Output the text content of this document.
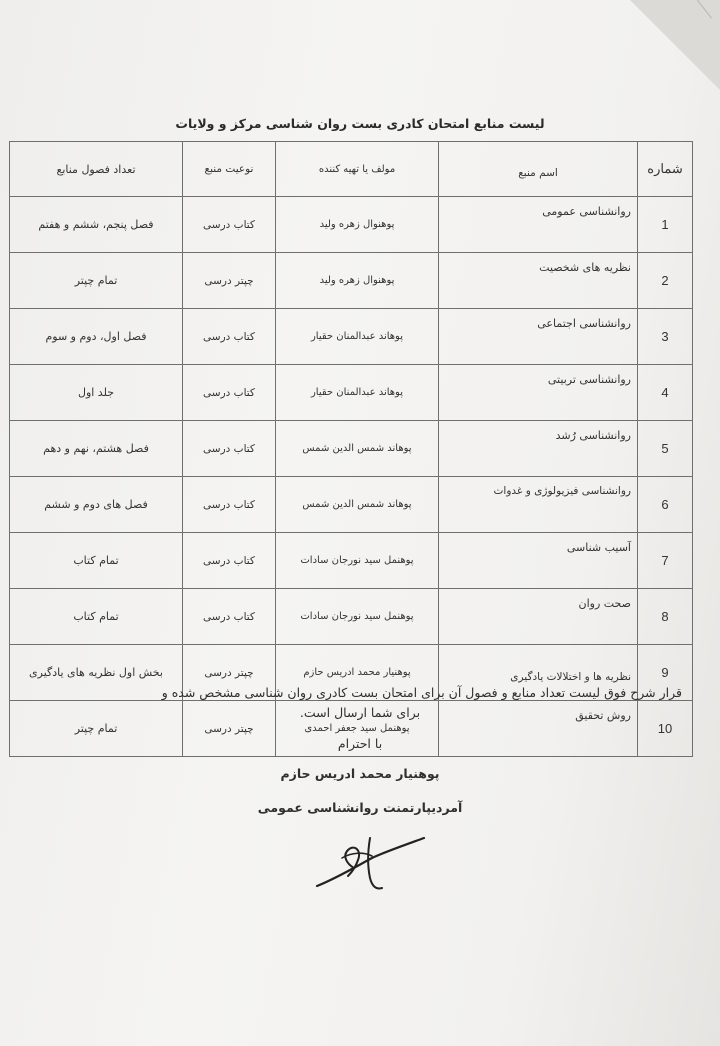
لیست منابع امتحان کادری بست روان شناسی مرکز و ولایات
شماره	اسم منبع	مولف یا تهیه کننده	نوعیت منبع	تعداد فصول منابع
1	روانشناسی عمومی	پوهنوال زهره ولید	کتاب درسی	فصل پنجم، ششم و هفتم
2	نظریه های شخصیت	پوهنوال زهره ولید	چپتر درسی	تمام چپتر
3	روانشناسی اجتماعی	پوهاند عبدالمنان حقیار	کتاب درسی	فصل اول، دوم و سوم
4	روانشناسی تربیتی	پوهاند عبدالمنان حقیار	کتاب درسی	جلد اول
5	روانشناسی رُشد	پوهاند شمس الدین شمس	کتاب درسی	فصل هشتم، نهم و دهم
6	روانشناسی فیزیولوژی و غدوات	پوهاند شمس الدین شمس	کتاب درسی	فصل های دوم و ششم
7	آسیب شناسی	پوهنمل سید نورجان سادات	کتاب درسی	تمام کتاب
8	صحت روان	پوهنمل سید نورجان سادات	کتاب درسی	تمام کتاب
9	نظریه ها و اختلالات یادگیری	پوهنیار محمد ادریس حازم	چپتر درسی	بخش اول نظریه های یادگیری
10	روش تحقیق	پوهنمل سید جعفر احمدی	چپتر درسی	تمام چپتر
قرار شرح فوق لیست تعداد منابع و فصول آن برای امتحان بست کادری روان شناسی مشخص شده و
برای شما ارسال است.
با احترام
پوهنیار محمد ادریس حازم
آمردیپارتمنت روانشناسی عمومی
